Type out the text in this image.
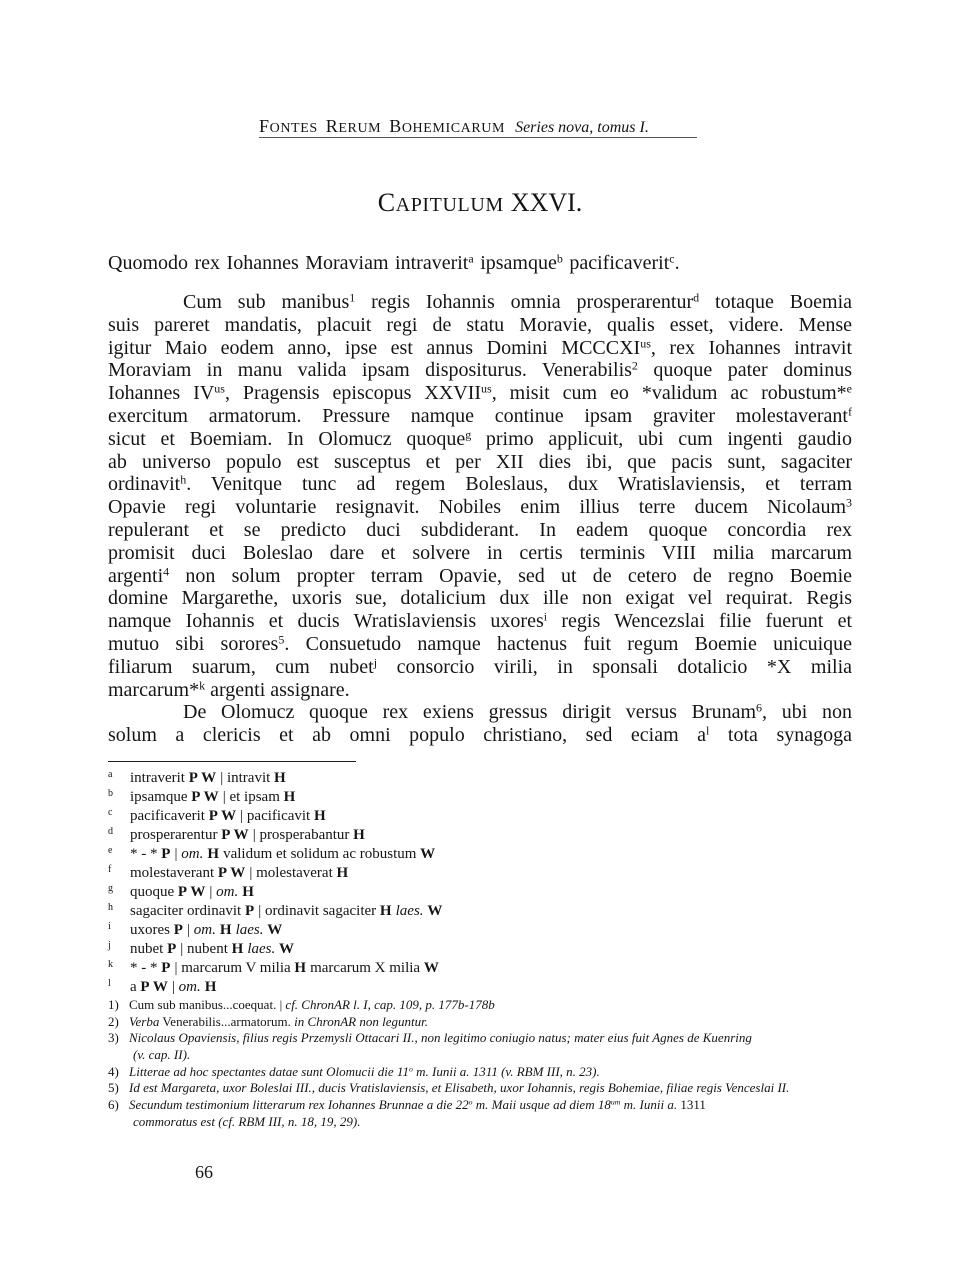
FONTES RERUM BOHEMICARUM Series nova, tomus I.
CAPITULUM XXVI.
Quomodo rex Iohannes Moraviam intraverit$^a$ ipsamque$^b$ pacificaverit$^c$.
Cum sub manibus$^1$ regis Iohannis omnia prosperarentur$^d$ totaque Boemia
suis pareret mandatis, placuit regi de statu Moravie, qualis esset, videre. Mense
igitur Maio eodem anno, ipse est annus Domini $MCCCXI^{us}$, rex Iohannes intravit
Moraviam in manu valida ipsam dispositurus. Venerabilis$^2$ quoque pater dominus
Iohannes $IV^{us}$, Pragensis episcopus $XXVII^{us}$, misit cum eo *validum ac robustum*$^e$
exercitum armatorum. Pressure namque continue ipsam graviter molestaverant$^f$
sicut et Boemiam. In Olomucz quoque$^g$ primo applicuit, ubi cum ingenti gaudio
ab universo populo est susceptus et per XII dies ibi, que pacis sunt, sagaciter
ordinavit$^h$. Venitque tunc ad regem Boleslaus, dux Wratislaviensis, et terram
Opavie regi voluntarie resignavit. Nobiles enim illius terre ducem Nicolaum$^3$
repulerant et se predicto duci subdiderant. In eadem quoque concordia rex
promisit duci Boleslao dare et solvere in certis terminis VIII milia marcarum
argenti$^4$ non solum propter terram Opavie, sed ut de cetero de regno Boemie
domine Margarethe, uxoris sue, dotalicium dux ille non exigat vel requirat. Regis
namque Iohannis et ducis Wratislaviensis uxores$^i$ regis Wencezslai filie fuerunt et
mutuo sibi sorores$^5$. Consuetudo namque hactenus fuit regum Boemie unicuique
filiarum suarum, cum nubet$^j$ consorcio virili, in sponsali dotalicio *X milia
marcarum*$^k$ argenti assignare.
De Olomucz quoque rex exiens gressus dirigit versus Brunam$^6$, ubi non
solum a clericis et ab omni populo christiano, sed eciam $a^l$ tota synagoga
a intraverit P W | intravit H
b ipsamque P W | et ipsam H
c pacificaverit P W | pacificavit H
d prosperarentur P W | prosperabantur H
e * - * P | om. H validum et solidum ac robustum W
f molestaverant P W | molestaverat H
g quoque P W | om. H
h sagaciter ordinavit P | ordinavit sagaciter H laes. W
i uxores P | om. H laes. W
j nubet P | nubent H laes. W
k * - * P | marcarum V milia H marcarum X milia W
l a P W | om. H
1) Cum sub manibus...coequat. | cf. ChronAR l. I, cap. 109, p. 177b-178b
2) Verba Venerabilis...armatorum. in ChronAR non leguntur.
3) Nicolaus Opaviensis, filius regis Przemysli Ottacari II., non legitimo coniugio natus; mater eius fuit Agnes de Kuenring
(v. cap. II).
4) Litterae ad hoc spectantes datae sunt Olomucii die 11$^o$ m. Iunii a. 1311 (v. RBM III, n. 23).
5) Id est Margareta, uxor Boleslai III., ducis Vratislaviensis, et Elisabeth, uxor Iohannis, regis Bohemiae, filiae regis Venceslai II.
6) Secundum testimonium litterarum rex Iohannes Brunnae a die 22$^o$ m. Maii usque ad diem $18^{um}$ m. Iunii a. 1311
commoratus est (cf. RBM III, n. 18, 19, 29).
66
